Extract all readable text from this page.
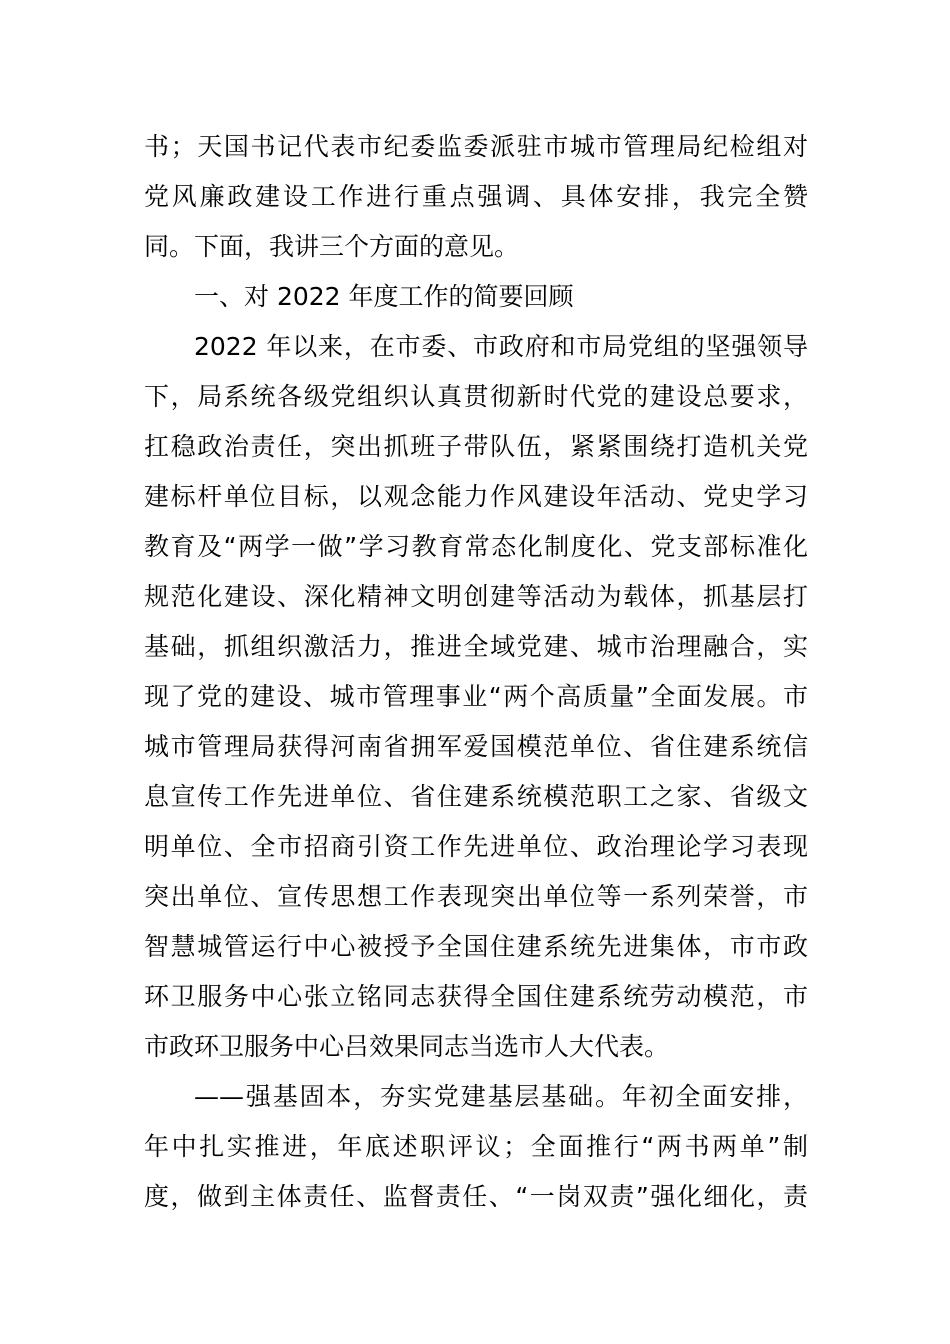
书；天国书记代表市纪委监委派驻市城市管理局纪检组对
党风廉政建设工作进行重点强调、具体安排，我完全赞
同。下面，我讲三个方面的意见。
一、对 2022 年度工作的简要回顾
2022 年以来，在市委、市政府和市局党组的坚强领导
下，局系统各级党组织认真贯彻新时代党的建设总要求，
扛稳政治责任，突出抓班子带队伍，紧紧围绕打造机关党
建标杆单位目标，以观念能力作风建设年活动、党史学习
教育及“两学一做”学习教育常态化制度化、党支部标准化
规范化建设、深化精神文明创建等活动为载体，抓基层打
基础，抓组织激活力，推进全域党建、城市治理融合，实
现了党的建设、城市管理事业“两个高质量”全面发展。市
城市管理局获得河南省拥军爱国模范单位、省住建系统信
息宣传工作先进单位、省住建系统模范职工之家、省级文
明单位、全市招商引资工作先进单位、政治理论学习表现
突出单位、宣传思想工作表现突出单位等一系列荣誉，市
智慧城管运行中心被授予全国住建系统先进集体，市市政
环卫服务中心张立铭同志获得全国住建系统劳动模范，市
市政环卫服务中心吕效果同志当选市人大代表。
——强基固本，夯实党建基层基础。年初全面安排，
年中扎实推进，年底述职评议；全面推行“两书两单”制
度，做到主体责任、监督责任、“一岗双责”强化细化，责
